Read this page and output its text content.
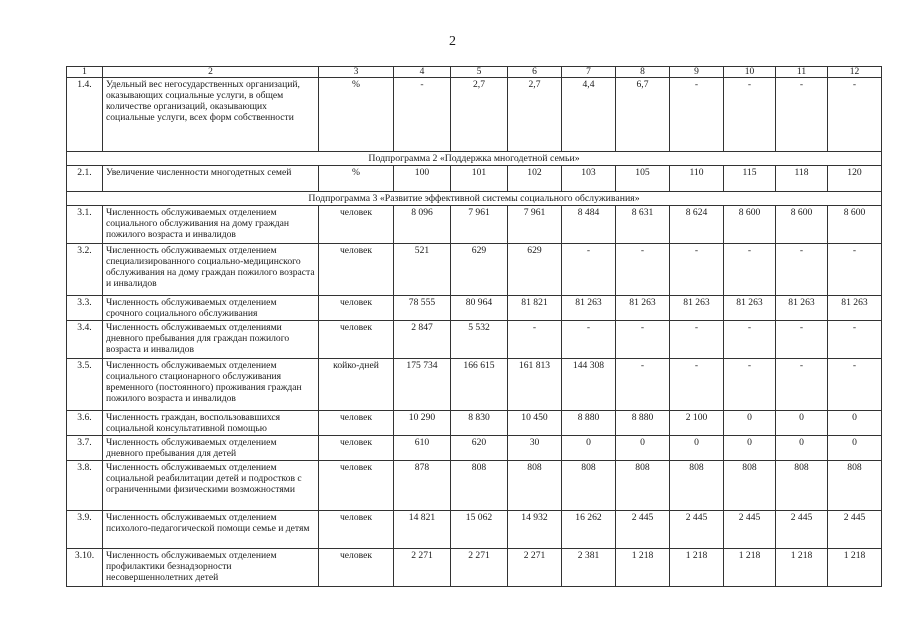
2
1	2	3	4	5	6	7	8	9	10	11	12
1.4.	Удельный вес негосударственных организаций, оказывающих социальные услуги, в общем количестве организаций, оказывающих социальные услуги, всех форм собственности	%	-	2,7	2,7	4,4	6,7	-	-	-	-
Подпрограмма 2 «Поддержка многодетной семьи»											
2.1.	Увеличение численности многодетных семей	%	100	101	102	103	105	110	115	118	120
Подпрограмма 3 «Развитие эффективной системы социального обслуживания»											
3.1.	Численность обслуживаемых отделением социального обслуживания на дому граждан пожилого возраста и инвалидов	человек	8 096	7 961	7 961	8 484	8 631	8 624	8 600	8 600	8 600
3.2.	Численность обслуживаемых отделением специализированного социально-медицинского обслуживания на дому граждан пожилого возраста и инвалидов	человек	521	629	629	-	-	-	-	-	-
3.3.	Численность обслуживаемых отделением срочного социального обслуживания	человек	78 555	80 964	81 821	81 263	81 263	81 263	81 263	81 263	81 263
3.4.	Численность обслуживаемых отделениями дневного пребывания для граждан пожилого возраста и инвалидов	человек	2 847	5 532	-	-	-	-	-	-	-
3.5.	Численность обслуживаемых отделением социального стационарного обслуживания временного (постоянного) проживания граждан пожилого возраста и инвалидов	койко-дней	175 734	166 615	161 813	144 308	-	-	-	-	-
3.6.	Численность граждан, воспользовавшихся социальной консультативной помощью	человек	10 290	8 830	10 450	8 880	8 880	2 100	0	0	0
3.7.	Численность обслуживаемых отделением дневного пребывания для детей	человек	610	620	30	0	0	0	0	0	0
3.8.	Численность обслуживаемых отделением социальной реабилитации детей и подростков с ограниченными физическими возможностями	человек	878	808	808	808	808	808	808	808	808
3.9.	Численность обслуживаемых отделением психолого-педагогической помощи семье и детям	человек	14 821	15 062	14 932	16 262	2 445	2 445	2 445	2 445	2 445
3.10.	Численность обслуживаемых отделением профилактики безнадзорности несовершеннолетних детей	человек	2 271	2 271	2 271	2 381	1 218	1 218	1 218	1 218	1 218
